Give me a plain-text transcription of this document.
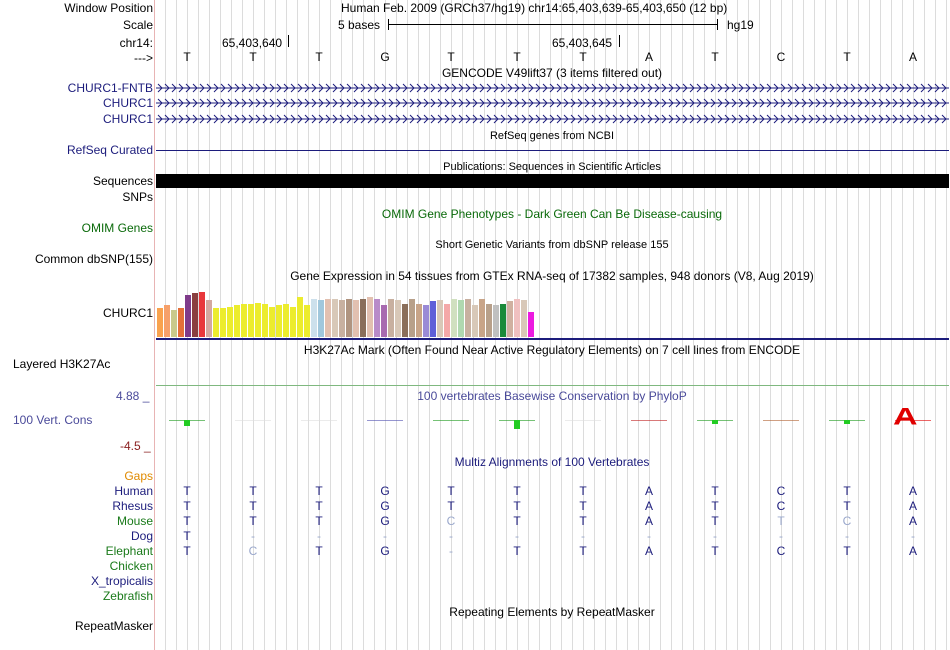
Window Position	Human Feb. 2009 (GRCh37/hg19) chr14:65,403,639-65,403,650 (12 bp)
Scale	5 bases	hg19
chr14:	65,403,640	65,403,645
--->	T	T	T	G	T	T	T	A	T	C	T	A
GENCODE V49lift37 (3 items filtered out)
CHURC1-FNTB
CHURC1
CHURC1
RefSeq genes from NCBI
RefSeq Curated
Publications: Sequences in Scientific Articles
Sequences
SNPs
OMIM Gene Phenotypes - Dark Green Can Be Disease-causing
OMIM Genes
Short Genetic Variants from dbSNP release 155
Common dbSNP(155)
Gene Expression in 54 tissues from GTEx RNA-seq of 17382 samples, 948 donors (V8, Aug 2019)
CHURC1
H3K27Ac Mark (Often Found Near Active Regulatory Elements) on 7 cell lines from ENCODE
Layered H3K27Ac
100 vertebrates Basewise Conservation by PhyloP
4.88 _
100 Vert. Cons
-4.5 _
A
Multiz Alignments of 100 Vertebrates
Gaps
Human	T	T	T	G	T	T	T	A	T	C	T	A
Rhesus	T	T	T	G	T	T	T	A	T	C	T	A
Mouse	T	T	T	G	C	T	T	A	T	T	C	A
Dog	T	-	-	-	-	-	-	-	-	-	-	-
Elephant	T	C	T	G	-	T	T	A	T	C	T	A
Chicken
X_tropicalis
Zebrafish
Repeating Elements by RepeatMasker
RepeatMasker
